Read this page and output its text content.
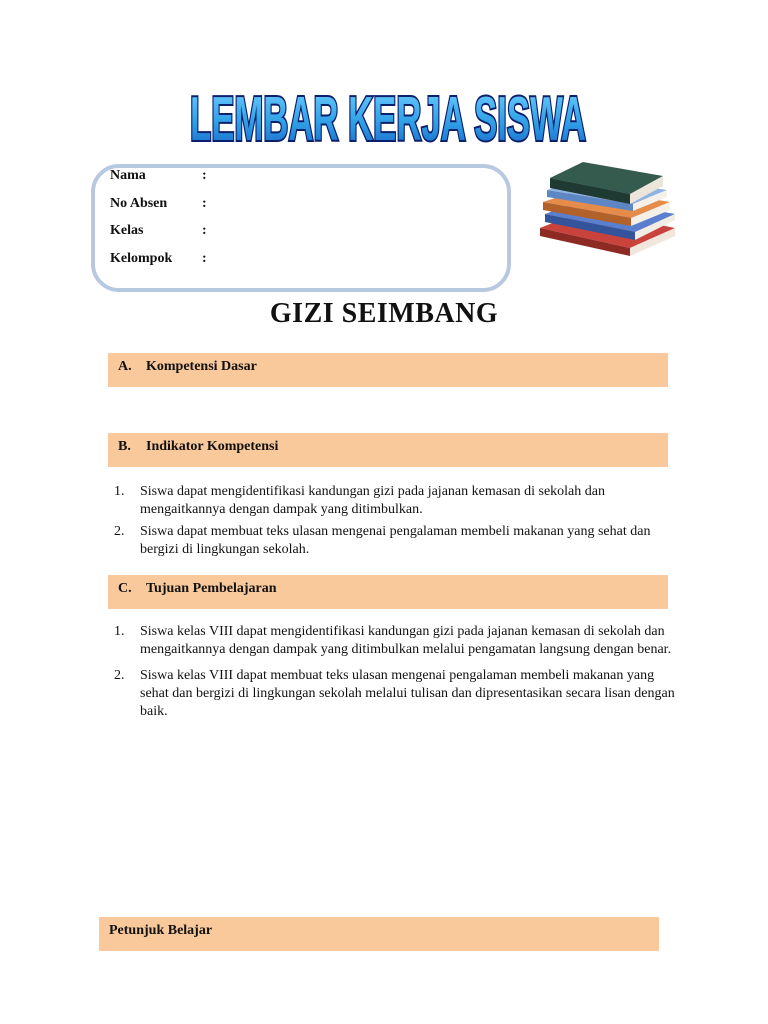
LEMBAR KERJA SISWA
Nama	:
No Absen :
Kelas	:
Kelompok :
GIZI SEIMBANG
A. Kompetensi Dasar
B. Indikator Kompetensi
1. Siswa dapat mengidentifikasi kandungan gizi pada jajanan kemasan di sekolah dan mengaitkannya dengan dampak yang ditimbulkan.
2. Siswa dapat membuat teks ulasan mengenai pengalaman membeli makanan yang sehat dan bergizi di lingkungan sekolah.
C. Tujuan Pembelajaran
1. Siswa kelas VIII dapat mengidentifikasi kandungan gizi pada jajanan kemasan di sekolah dan mengaitkannya dengan dampak yang ditimbulkan melalui pengamatan langsung dengan benar.
2. Siswa kelas VIII dapat membuat teks ulasan mengenai pengalaman membeli makanan yang sehat dan bergizi di lingkungan sekolah melalui tulisan dan dipresentasikan secara lisan dengan baik.
Petunjuk Belajar
